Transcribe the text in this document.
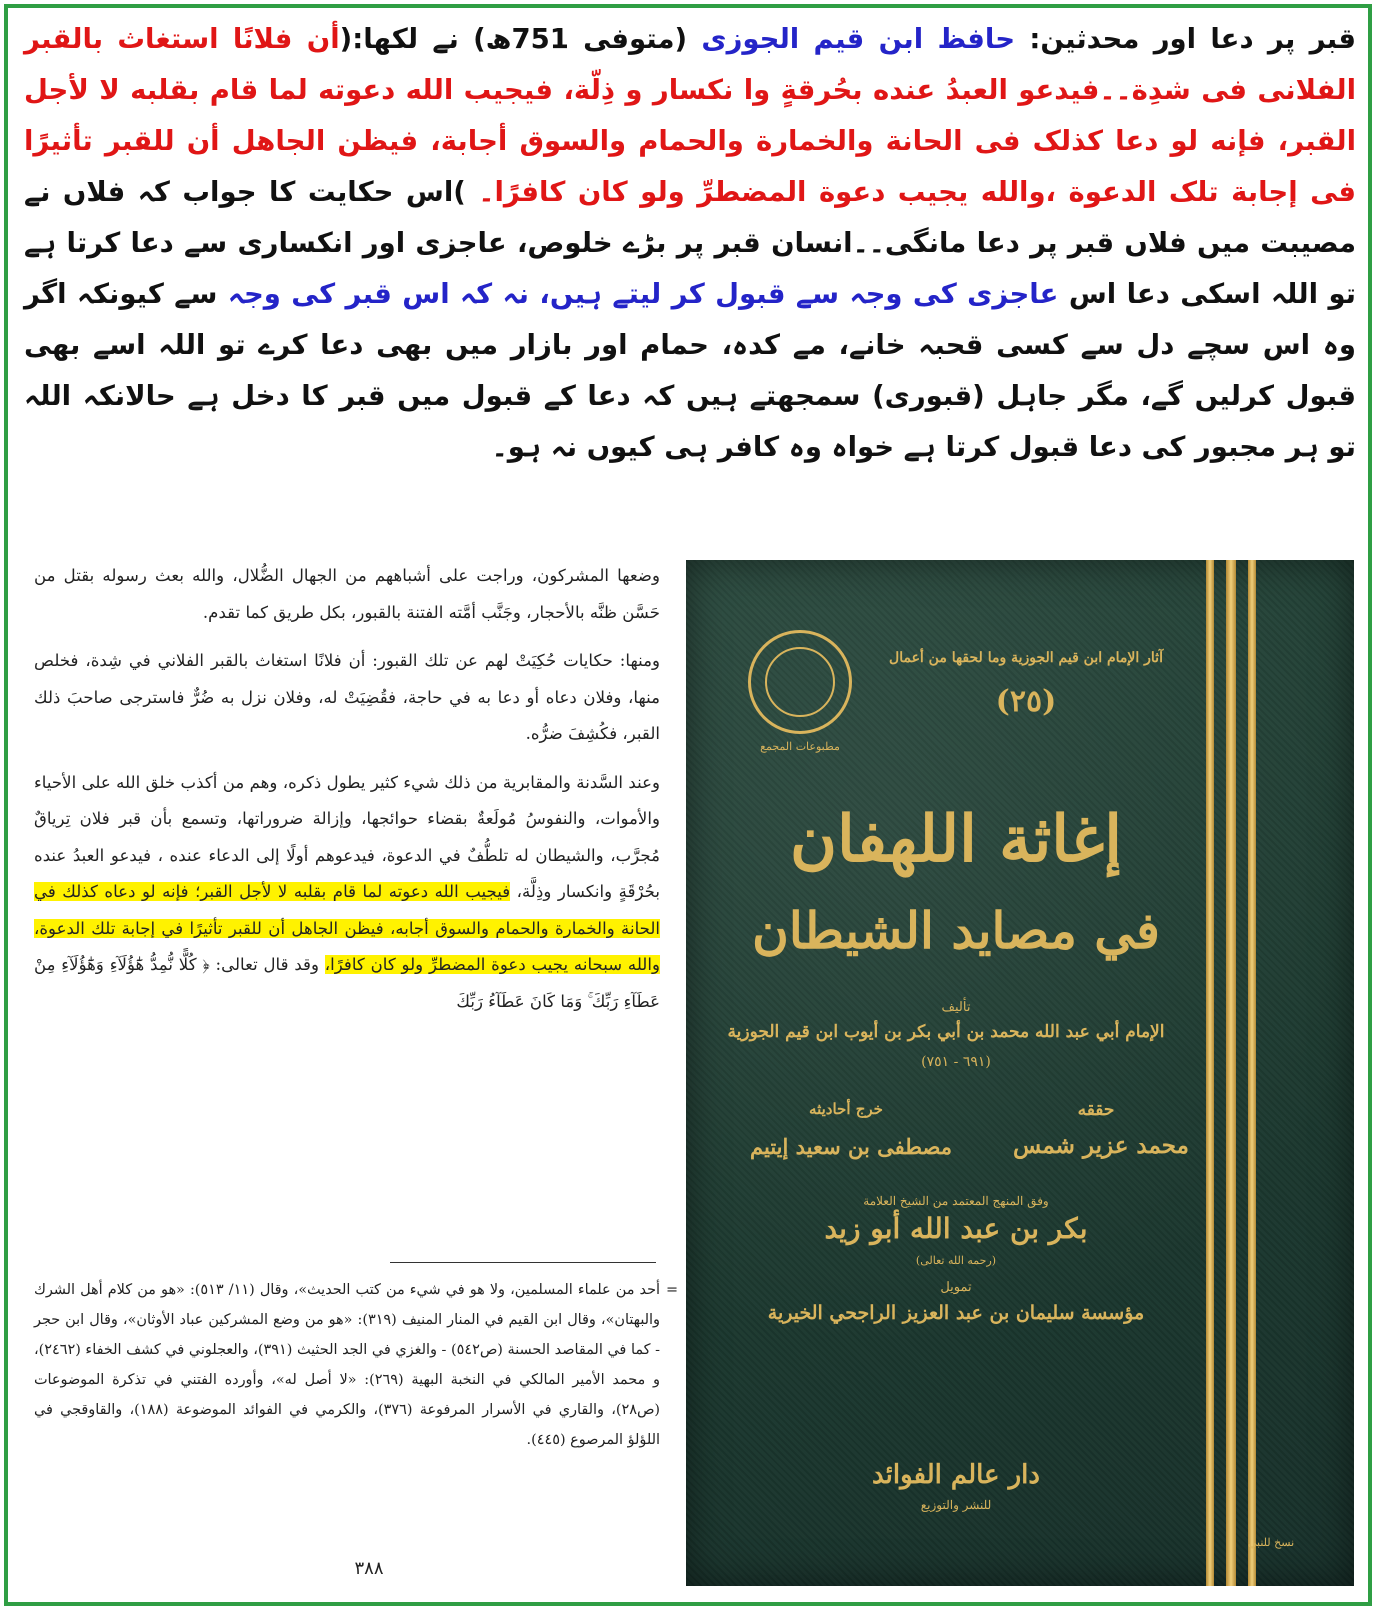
قبر پر دعا اور محدثین: حافظ ابن قیم الجوزی (متوفی 751ھ) نے لکھا:(أن فلانًا استغاث بالقبر الفلانی فی شدِة۔۔فیدعو العبدُ عنده بحُرقةٍ وا نكسار و ذِلّة، فیجیب الله دعوته لما قام بقلبه لا لأجل القبر، فإنه لو دعا كذلک فی الحانة والخمارة والحمام والسوق أجابة، فیظن الجاهل أن للقبر تأثیرًا فی إجابة تلک الدعوة ،والله یجیب دعوة المضطرِّ ولو كان كافرًا۔ )اس حکایت کا جواب کہ فلاں نے مصیبت میں فلاں قبر پر دعا مانگی۔۔انسان قبر پر بڑے خلوص، عاجزی اور انکساری سے دعا کرتا ہے تو اللہ اسکی دعا اس عاجزی کی وجہ سے قبول کر لیتے ہیں، نہ کہ اس قبر کی وجہ سے کیونکہ اگر وہ اس سچے دل سے کسی قحبہ خانے، مے کدہ، حمام اور بازار میں بھی دعا کرے تو اللہ اسے بھی قبول کرلیں گے، مگر جاہل (قبوری) سمجھتے ہیں کہ دعا کے قبول میں قبر کا دخل ہے حالانکہ اللہ تو ہر مجبور کی دعا قبول کرتا ہے خواہ وہ کافر ہی کیوں نہ ہو۔

وضعها المشركون، وراجت على أشباههم من الجهال الضُّلال، والله بعث رسوله بقتل من حَسَّن ظنَّه بالأحجار، وجَنَّب أمَّته الفتنة بالقبور، بكل طريق كما تقدم.

ومنها: حكايات حُكِيَتْ لهم عن تلك القبور: أن فلانًا استغاث بالقبر الفلاني في شِدة، فخلص منها، وفلان دعاه أو دعا به في حاجة، فقُضِيَتْ له، وفلان نزل به ضُرٌّ فاسترجى صاحبَ ذلك القبر، فكُشِفَ ضرُّه.

وعند السَّدنة والمقابرية من ذلك شيء كثير يطول ذكره، وهم من أكذب خلق الله على الأحياء والأموات، والنفوسُ مُولَعةٌ بقضاء حوائجها، وإزالة ضروراتها، وتسمع بأن قبر فلان تِرياقٌ مُجرَّب، والشيطان له تلطُّفٌ في الدعوة، فيدعوهم أولًا إلى الدعاء عنده ، فيدعو العبدُ عنده بحُرْقَةٍ وانكسار وذِلَّة، فيجيب الله دعوته لما قام بقلبه لا لأجل القبر؛ فإنه لو دعاه كذلك في الحانة والخمارة والحمام والسوق أجابه، فيظن الجاهل أن للقبر تأثيرًا في إجابة تلك الدعوة، والله سبحانه يجيب دعوة المضطرِّ ولو كان كافرًا، وقد قال تعالى: ﴿ كُلًّا نُّمِدُّ هَٰٓؤُلَآءِ وَهَٰٓؤُلَآءِ مِنْ عَطَآءِ رَبِّكَ ۚ وَمَا كَانَ عَطَآءُ رَبِّكَ

=
أحد من علماء المسلمين، ولا هو في شيء من كتب الحديث»، وقال (١١/ ٥١٣): «هو من كلام أهل الشرك والبهتان»، وقال ابن القيم في المنار المنيف (٣١٩): «هو من وضع المشركين عباد الأوثان»، وقال ابن حجر - كما في المقاصد الحسنة (ص٥٤٢) - والغزي في الجد الحثيث (٣٩١)، والعجلوني في كشف الخفاء (٢٤٦٢)، و محمد الأمير المالكي في النخبة البهية (٢٦٩): «لا أصل له»، وأورده الفتني في تذكرة الموضوعات (ص٢٨)، والقاري في الأسرار المرفوعة (٣٧٦)، والكرمي في الفوائد الموضوعة (١٨٨)، والقاوقجي في اللؤلؤ المرصوع (٤٤٥).
٣٨٨
مطبوعات المجمع
آثار الإمام ابن قيم الجوزية وما لحقها من أعمال
(٢٥)
إغاثة اللهفان
في مصايد الشيطان
تأليف
الإمام أبي عبد الله محمد بن أبي بكر بن أيوب ابن قيم الجوزية
(٦٩١ - ٧٥١)
حققه
خرج أحاديثه
محمد عزير شمس
مصطفى بن سعيد إيتيم
وفق المنهج المعتمد من الشيخ العلامة
بكر بن عبد الله أبو زيد
(رحمه الله تعالى)
تمويل
مؤسسة سليمان بن عبد العزيز الراجحي الخيرية
دار عالم الفوائد
للنشر والتوزيع
نسخ للنبي
